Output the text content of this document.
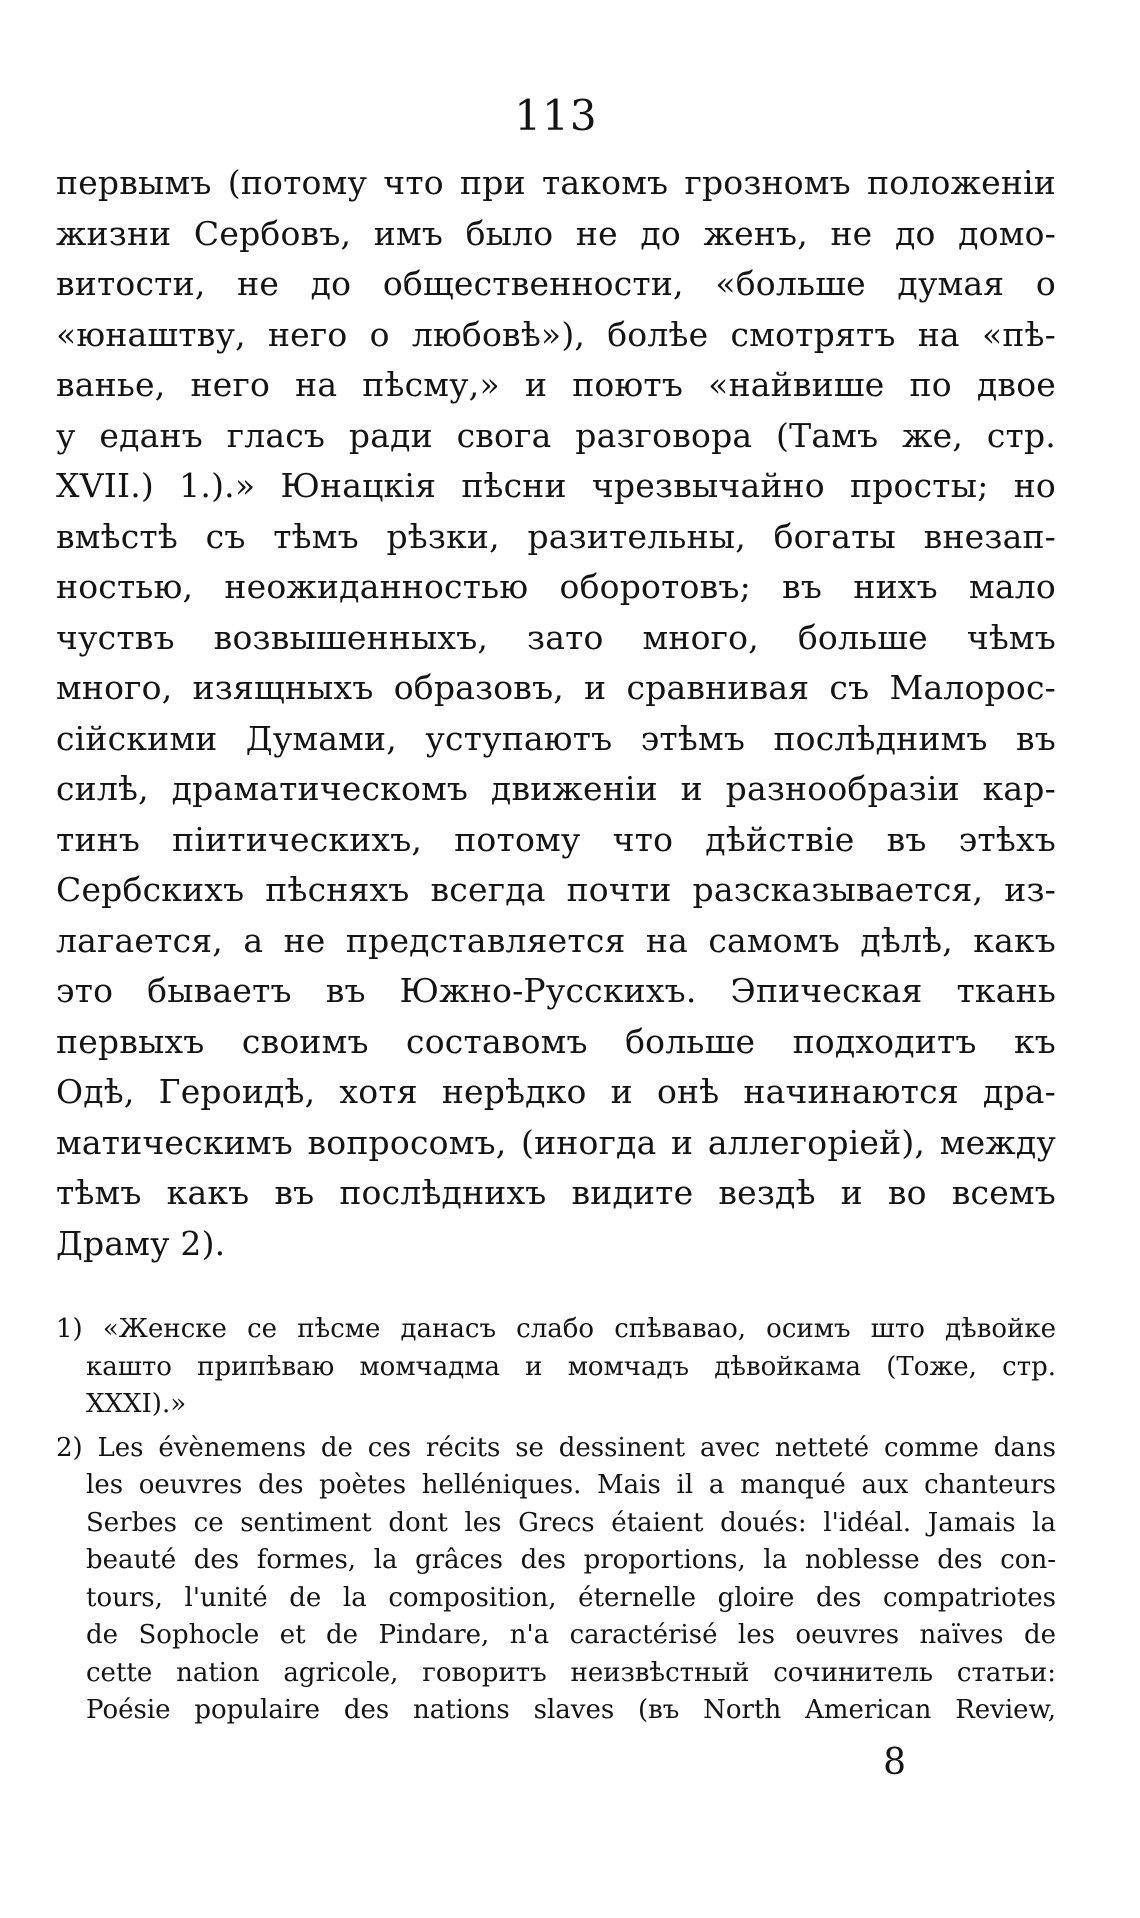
113
первымъ (потому что при такомъ грозномъ положеніи
жизни Сербовъ, имъ было не до женъ, не до домо-
витости, не до общественности, «больше думая о
«юнаштву, него о любовѣ»), болѣе смотрятъ на «пѣ-
ванье, него на пѣсму,» и поютъ «найвише по двое
у еданъ гласъ ради свога разговора (Тамъ же, стр.
XVII.) 1.).» Юнацкія пѣсни чрезвычайно просты; но
вмѣстѣ съ тѣмъ рѣзки, разительны, богаты внезап-
ностью, неожиданностью оборотовъ; въ нихъ мало
чуствъ возвышенныхъ, зато много, больше чѣмъ
много, изящныхъ образовъ, и сравнивая съ Малорос-
сійскими Думами, уступаютъ этѣмъ послѣднимъ въ
силѣ, драматическомъ движеніи и разнообразіи кар-
тинъ піитическихъ, потому что дѣйствіе въ этѣхъ
Сербскихъ пѣсняхъ всегда почти разсказывается, из-
лагается, а не представляется на самомъ дѣлѣ, какъ
это бываетъ въ Южно-Русскихъ. Эпическая ткань
первыхъ своимъ составомъ больше подходитъ къ
Одѣ, Героидѣ, хотя нерѣдко и онѣ начинаются дра-
матическимъ вопросомъ, (иногда и аллегоріей), между
тѣмъ какъ въ послѣднихъ видите вездѣ и во всемъ
Драму 2).
1) «Женске се пѣсме данасъ слабо спѣвавао, осимъ што дѣвойке
кашто припѣваю момчадма и момчадъ дѣвойкама (Тоже, стр.
XXXI).»
2) Les évènemens de ces récits se dessinent avec netteté comme dans
les oeuvres des poètes helléniques. Mais il a manqué aux chanteurs
Serbes ce sentiment dont les Grecs étaient doués: l'idéal. Jamais la
beauté des formes, la grâces des proportions, la noblesse des con-
tours, l'unité de la composition, éternelle gloire des compatriotes
de Sophocle et de Pindare, n'a caractérisé les oeuvres naïves de
cette nation agricole, говоритъ неизвѣстный сочинитель статьи:
Poésie populaire des nations slaves (въ North American Review,
8
